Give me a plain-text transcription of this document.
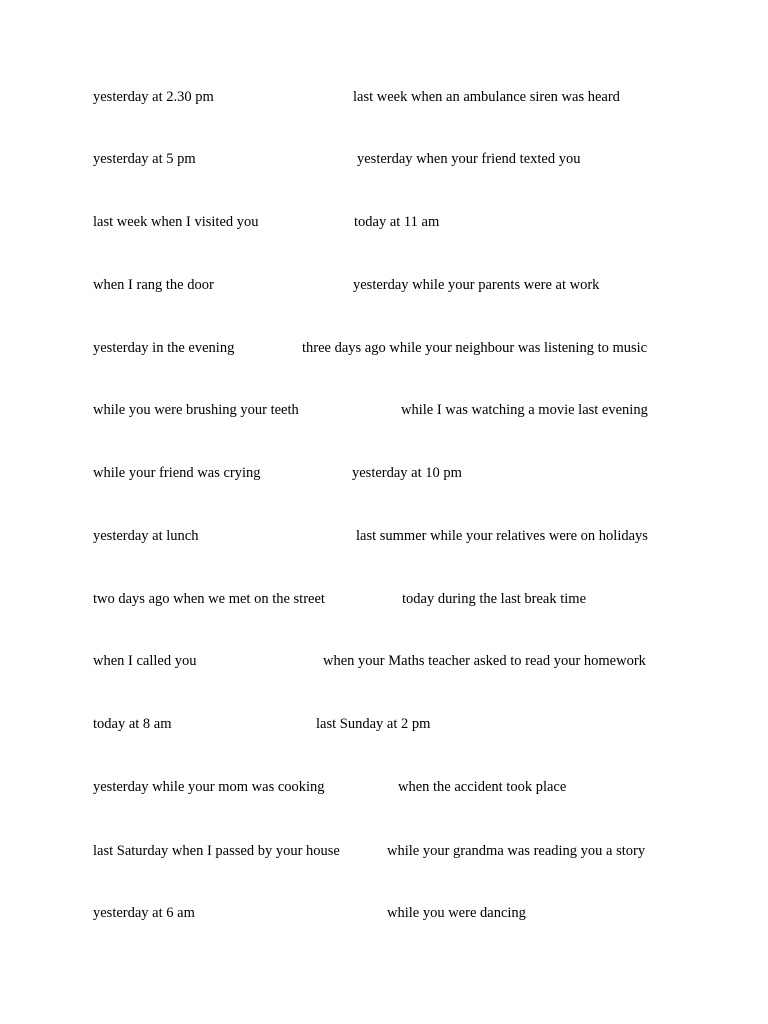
yesterday at 2.30 pm	last week when an ambulance siren was heard
yesterday at 5 pm	yesterday when your friend texted you
last week when I visited you	today at 11 am
when I rang the door	yesterday while your parents were at work
yesterday in the evening	three days ago while your neighbour was listening to music
while you were brushing your teeth	while I was watching a movie last evening
while your friend was crying	yesterday at 10 pm
yesterday at lunch	last summer while your relatives were on holidays
two days ago when we met on the street	today during the last break time
when I called you	when your Maths teacher asked to read your homework
today at 8 am	last Sunday at 2 pm
yesterday while your mom was cooking	when the accident took place
last Saturday when I passed by your house	while your grandma was reading you a story
yesterday at 6 am	while you were dancing
